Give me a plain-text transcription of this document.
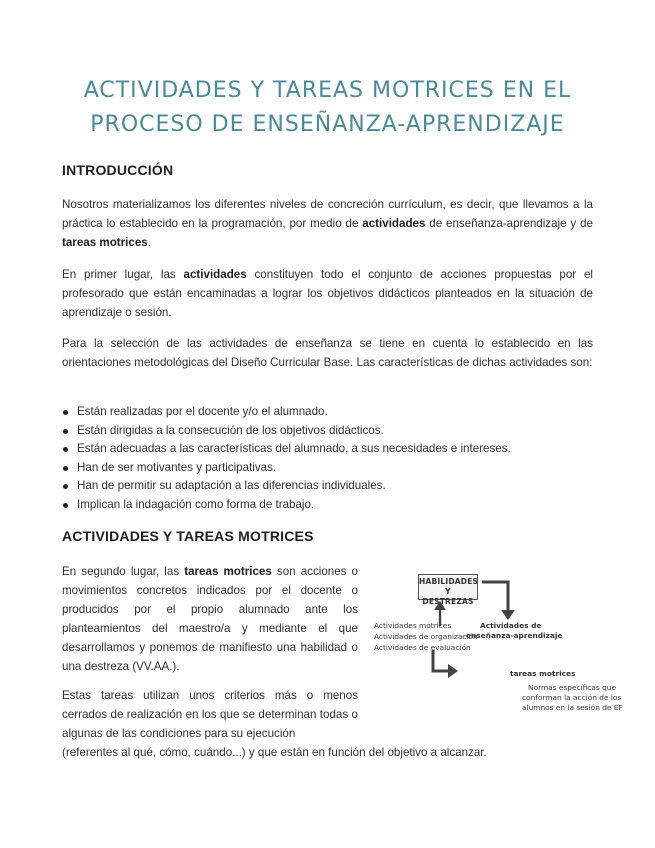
ACTIVIDADES Y TAREAS MOTRICES EN EL
PROCESO DE ENSEÑANZA-APRENDIZAJE
INTRODUCCIÓN

Nosotros materializamos los diferentes niveles de concreción currículum, es decir, que llevamos a la práctica lo establecido en la programación, por medio de actividades de enseñanza-aprendizaje y de tareas motrices.

En primer lugar, las actividades constituyen todo el conjunto de acciones propuestas por el profesorado que están encaminadas a lograr los objetivos didácticos planteados en la situación de aprendizaje o sesión.

Para la selección de las actividades de enseñanza se tiene en cuenta lo establecido en las orientaciones metodológicas del Diseño Curricular Base. Las características de dichas actividades son:

Están realizadas por el docente y/o el alumnado.
Están dirigidas a la consecución de los objetivos didácticos.
Están adecuadas a las características del alumnado, a sus necesidades e intereses.
Han de ser motivantes y participativas.
Han de permitir su adaptación a las diferencias individuales.
Implican la indagación como forma de trabajo.
ACTIVIDADES Y TAREAS MOTRICES

En segundo lugar, las tareas motrices son acciones o movimientos concretos indicados por el docente o producidos por el propio alumnado ante los planteamientos del maestro/a y mediante el que desarrollamos y ponemos de manifiesto una habilidad o una destreza (VV.AA.).

Estas tareas utilizan unos criterios más o menos cerrados de realización en los que se determinan todas o algunas de las condiciones para su ejecución

(referentes al qué, cómo, cuándo...) y que están en función del objetivo a alcanzar.
HABILIDADES Y
DESTREZAS
Actividades motrices
Actividades de organización
Actividades de evaluación
Actividades de
enseñanza-aprendizaje
tareas motrices
Normas específicas que
conforman la acción de los
alumnos en la sesión de EF
